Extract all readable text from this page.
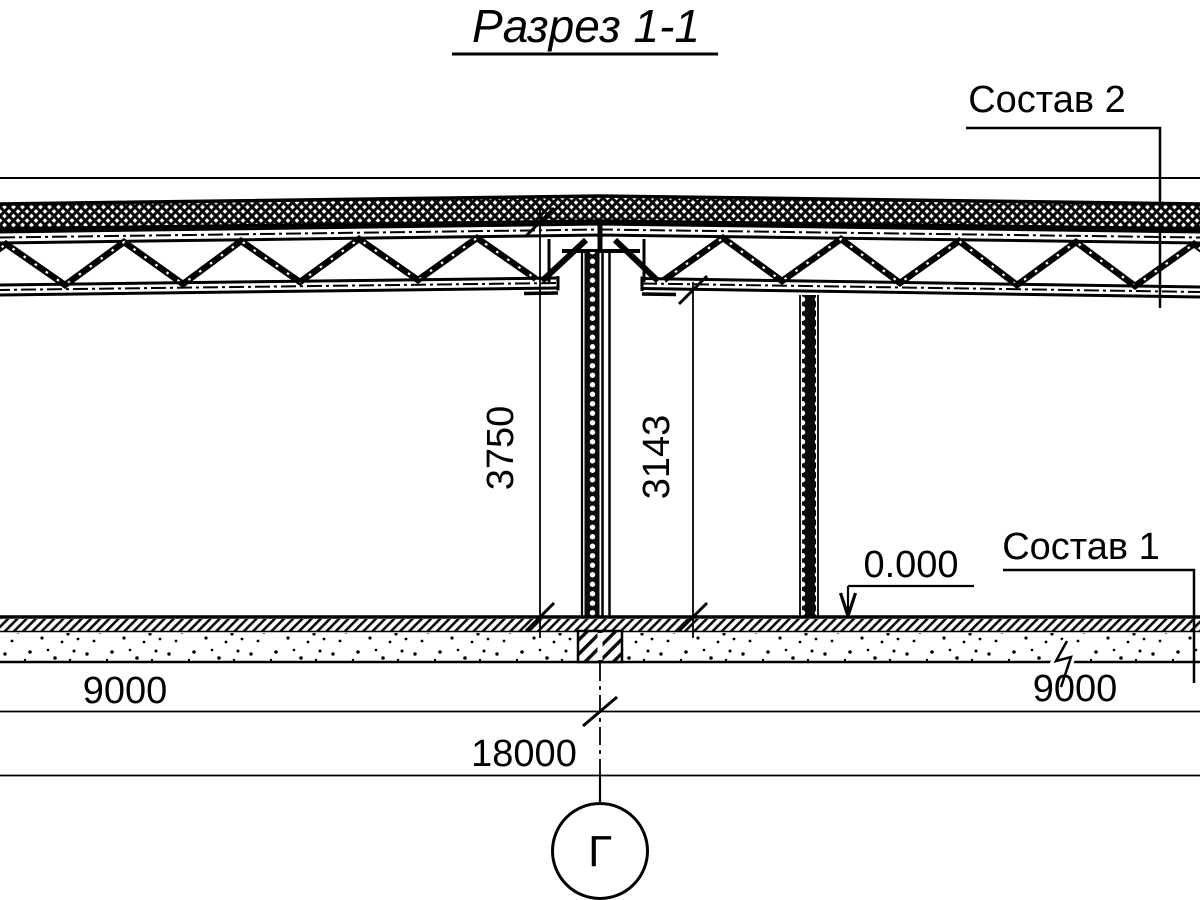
Разрез 1-1
Состав 2
0.000 Состав 1
3750	3143
9000	9000
18000
Г
